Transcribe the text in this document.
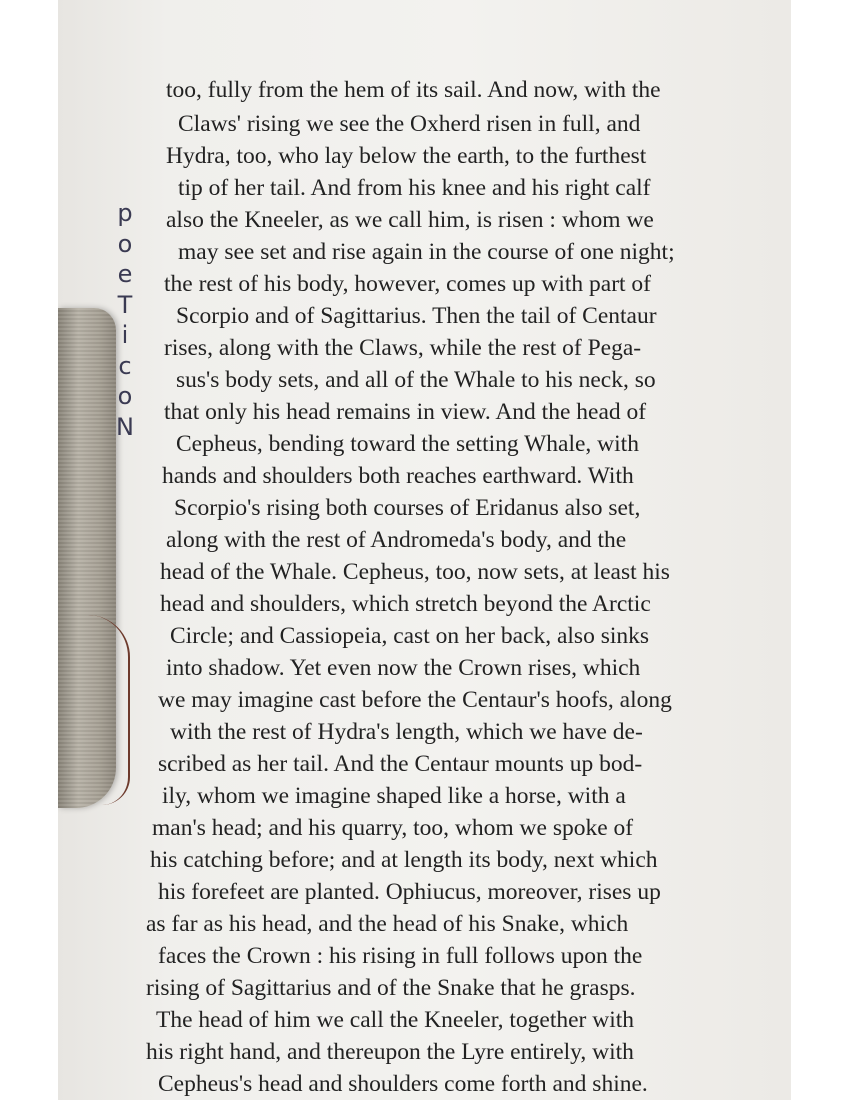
p
o
e
T
i
c
o
N
too, fully from the hem of its sail. And now, with the
Claws' rising we see the Oxherd risen in full, and
Hydra, too, who lay below the earth, to the furthest
tip of her tail. And from his knee and his right calf
also the Kneeler, as we call him, is risen : whom we
may see set and rise again in the course of one night;
the rest of his body, however, comes up with part of
Scorpio and of Sagittarius. Then the tail of Centaur
rises, along with the Claws, while the rest of Pega-
sus's body sets, and all of the Whale to his neck, so
that only his head remains in view. And the head of
Cepheus, bending toward the setting Whale, with
hands and shoulders both reaches earthward. With
Scorpio's rising both courses of Eridanus also set,
along with the rest of Andromeda's body, and the
head of the Whale. Cepheus, too, now sets, at least his
head and shoulders, which stretch beyond the Arctic
Circle; and Cassiopeia, cast on her back, also sinks
into shadow. Yet even now the Crown rises, which
we may imagine cast before the Centaur's hoofs, along
with the rest of Hydra's length, which we have de-
scribed as her tail. And the Centaur mounts up bod-
ily, whom we imagine shaped like a horse, with a
man's head; and his quarry, too, whom we spoke of
his catching before; and at length its body, next which
his forefeet are planted. Ophiucus, moreover, rises up
as far as his head, and the head of his Snake, which
faces the Crown : his rising in full follows upon the
rising of Sagittarius and of the Snake that he grasps.
The head of him we call the Kneeler, together with
his right hand, and thereupon the Lyre entirely, with
Cepheus's head and shoulders come forth and shine.
